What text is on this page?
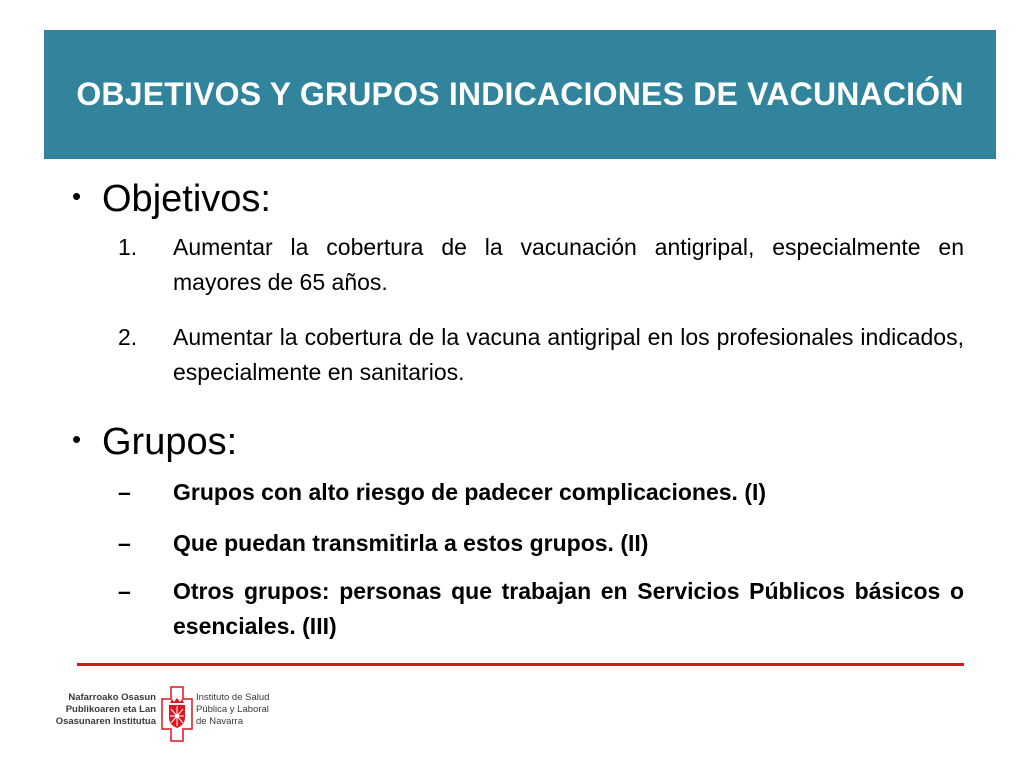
OBJETIVOS Y GRUPOS INDICACIONES DE VACUNACIÓN
• Objetivos:
1.	Aumentar la cobertura de la vacunación antigripal, especialmente en mayores de 65 años.
2.	Aumentar la cobertura de la vacuna antigripal en los profesionales indicados, especialmente en sanitarios.
• Grupos:
–	Grupos con alto riesgo de padecer complicaciones. (I)
–	Que puedan transmitirla a estos grupos. (II)
–	Otros grupos: personas que trabajan en Servicios Públicos básicos o esenciales. (III)
Nafarroako Osasun
Publikoaren eta Lan
Osasunaren Institutua
Instituto de Salud
Pública y Laboral
de Navarra
